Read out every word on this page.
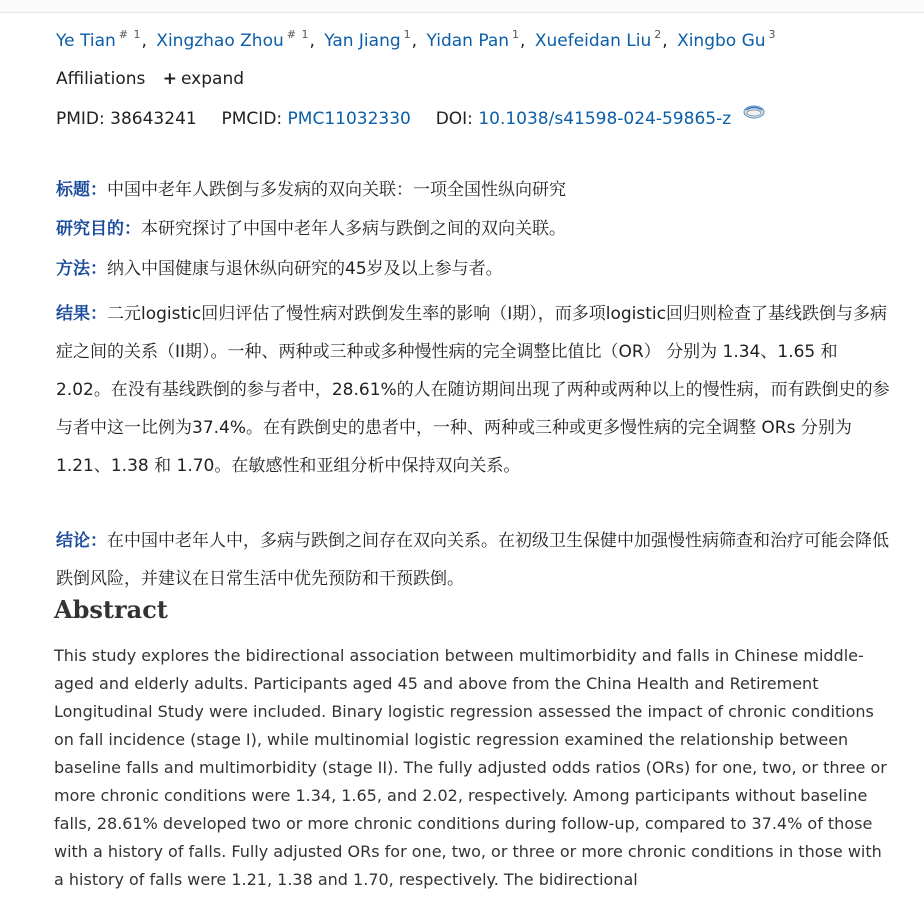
Ye Tian $^{\# 1}$, Xingzhao Zhou $^{\# 1}$, Yan Jiang $^1$, Yidan Pan $^1$, Xuefeidan Liu $^2$, Xingbo Gu $^3$
Affiliations + expand
PMID: 38643241 PMCID: PMC11032330 DOI: 10.1038/s41598-024-59865-z
标题：中国中老年人跌倒与多发病的双向关联：一项全国性纵向研究
研究目的：本研究探讨了中国中老年人多病与跌倒之间的双向关联。
方法：纳入中国健康与退休纵向研究的45岁及以上参与者。
结果：二元logistic回归评估了慢性病对跌倒发生率的影响（I期），而多项logistic回归则检查了基线跌倒与多病症之间的关系（II期）。一种、两种或三种或多种慢性病的完全调整比值比（OR） 分别为 1.34、1.65 和 2.02。在没有基线跌倒的参与者中，28.61%的人在随访期间出现了两种或两种以上的慢性病，而有跌倒史的参与者中这一比例为37.4%。在有跌倒史的患者中，一种、两种或三种或更多慢性病的完全调整 ORs 分别为 1.21、1.38 和 1.70。在敏感性和亚组分析中保持双向关系。
结论：在中国中老年人中，多病与跌倒之间存在双向关系。在初级卫生保健中加强慢性病筛查和治疗可能会降低跌倒风险，并建议在日常生活中优先预防和干预跌倒。
Abstract
This study explores the bidirectional association between multimorbidity and falls in Chinese middle-aged and elderly adults. Participants aged 45 and above from the China Health and Retirement Longitudinal Study were included. Binary logistic regression assessed the impact of chronic conditions on fall incidence (stage I), while multinomial logistic regression examined the relationship between baseline falls and multimorbidity (stage II). The fully adjusted odds ratios (ORs) for one, two, or three or more chronic conditions were 1.34, 1.65, and 2.02, respectively. Among participants without baseline falls, 28.61% developed two or more chronic conditions during follow-up, compared to 37.4% of those with a history of falls. Fully adjusted ORs for one, two, or three or more chronic conditions in those with a history of falls were 1.21, 1.38 and 1.70, respectively. The bidirectional
